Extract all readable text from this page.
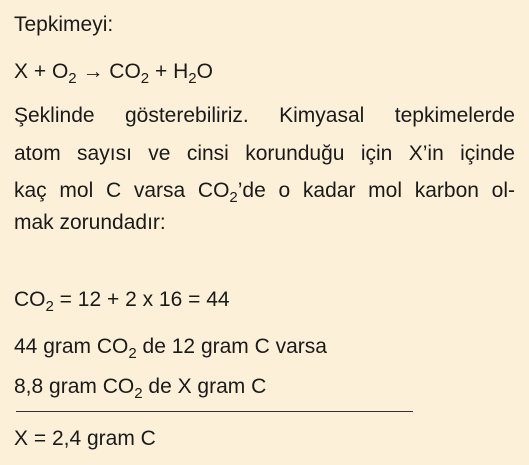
Tepkimeyi:
$X + O_2 \to CO_2 + H_2O$
Şeklinde gösterebiliriz. Kimyasal tepkimelerde
atom sayısı ve cinsi korunduğu için X’in içinde
kaç mol C varsa $CO_2’de$ o kadar mol karbon ol-
mak zorundadır:
$CO_2 = 12 + 2$ x 16 = 44
44 gram $CO_2$ de 12 gram C varsa
8,8 gram $CO_2$ de X gram C
X = 2,4 gram C
